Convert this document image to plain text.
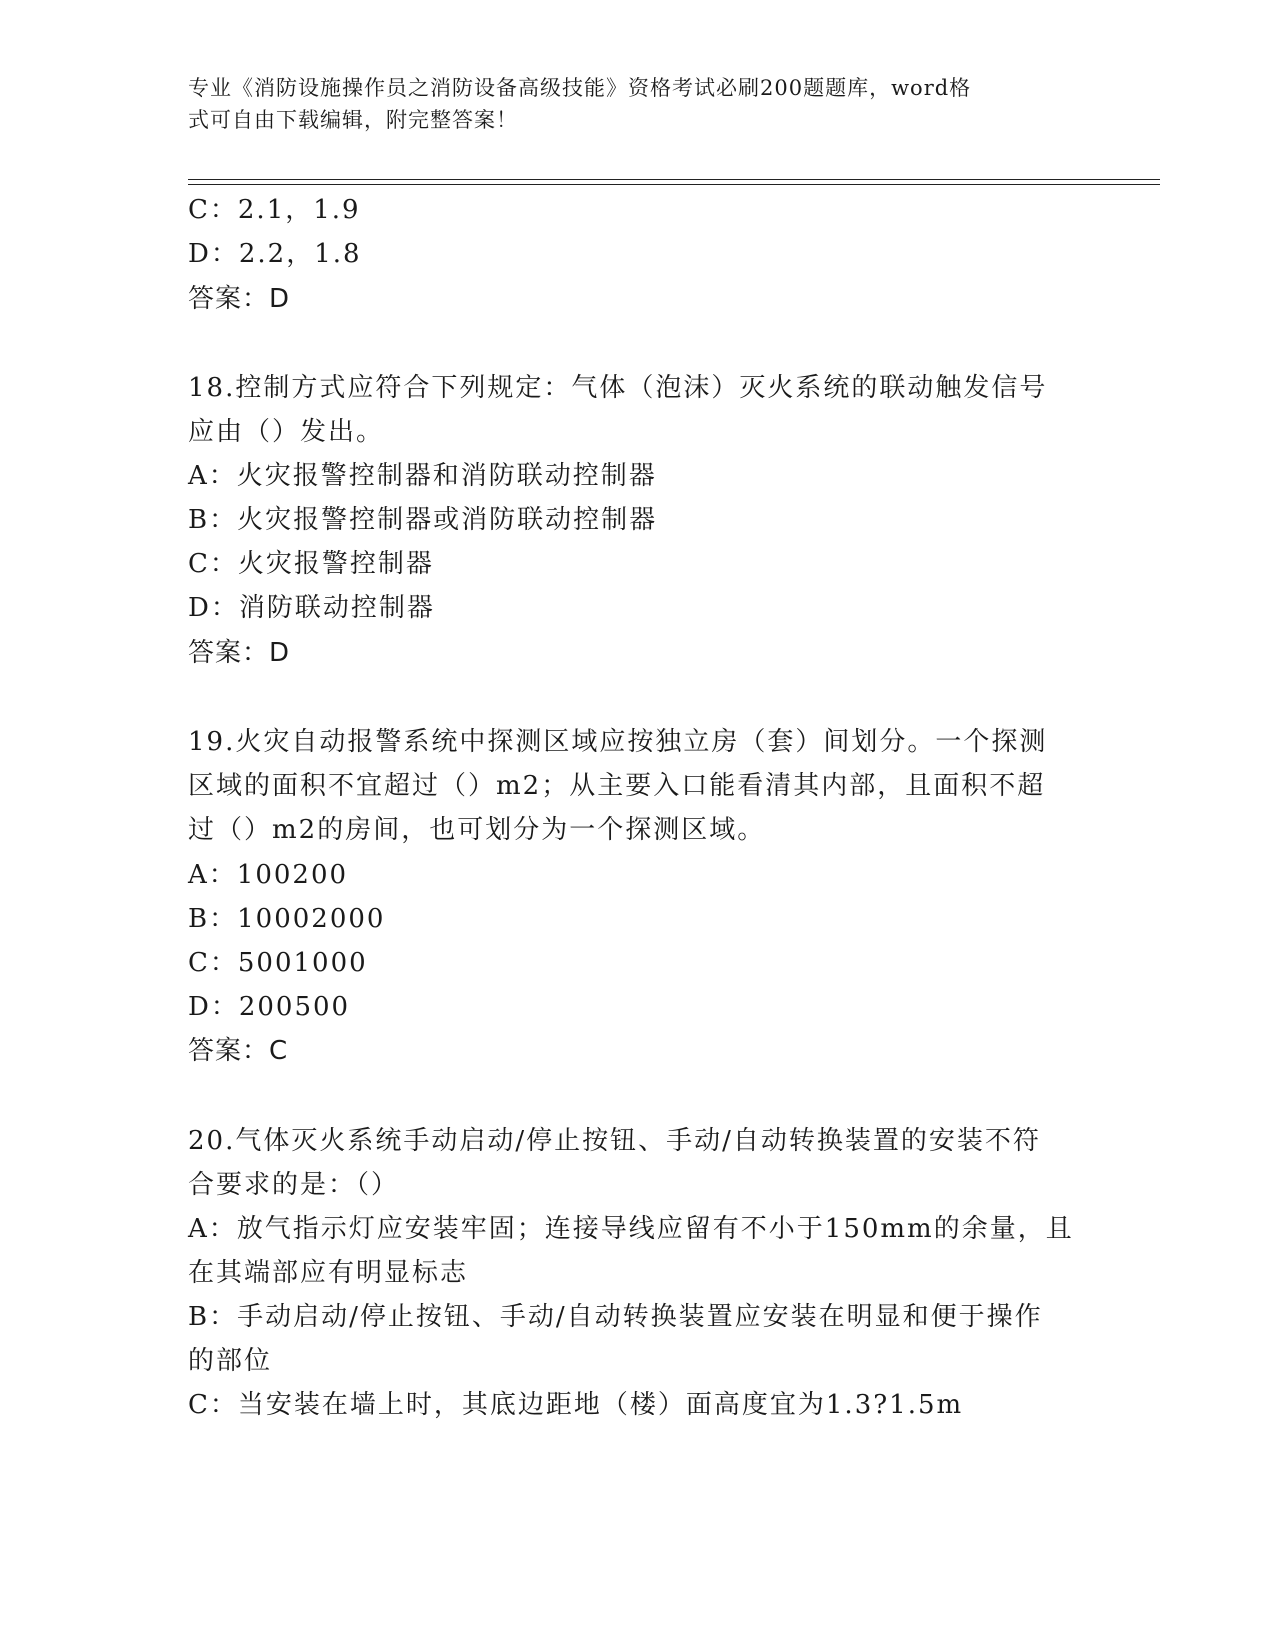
专业《消防设施操作员之消防设备高级技能》资格考试必刷200题题库，word格
式可自由下载编辑，附完整答案！
C：2.1，1.9
D：2.2，1.8
答案：D
18.控制方式应符合下列规定：气体（泡沫）灭火系统的联动触发信号
应由（）发出。
A：火灾报警控制器和消防联动控制器
B：火灾报警控制器或消防联动控制器
C：火灾报警控制器
D：消防联动控制器
答案：D
19.火灾自动报警系统中探测区域应按独立房（套）间划分。一个探测
区域的面积不宜超过（）m2；从主要入口能看清其内部，且面积不超
过（）m2的房间，也可划分为一个探测区域。
A：100200
B：10002000
C：5001000
D：200500
答案：C
20.气体灭火系统手动启动/停止按钮、手动/自动转换装置的安装不符
合要求的是：（）
A：放气指示灯应安装牢固；连接导线应留有不小于150mm的余量，且
在其端部应有明显标志
B：手动启动/停止按钮、手动/自动转换装置应安装在明显和便于操作
的部位
C：当安装在墙上时，其底边距地（楼）面高度宜为1.3?1.5m
